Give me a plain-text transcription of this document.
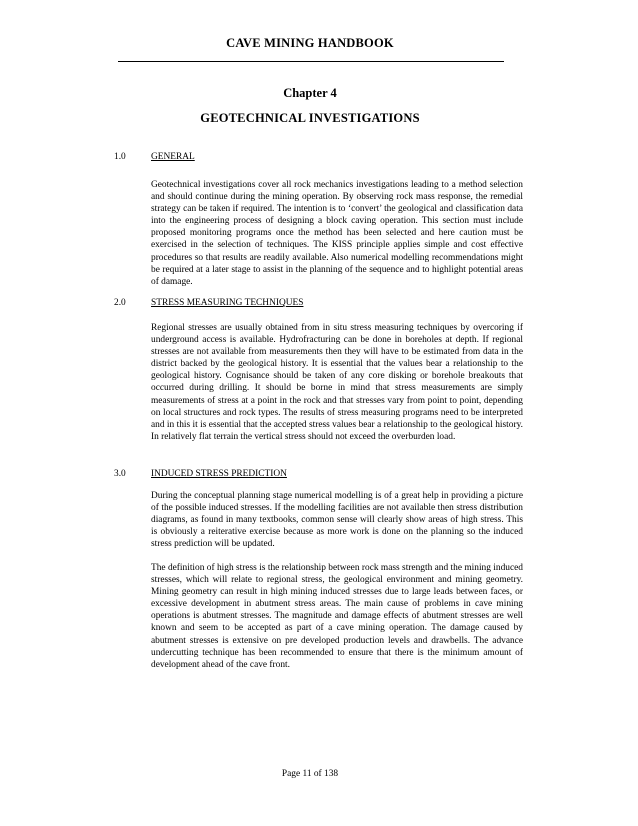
CAVE MINING HANDBOOK
Chapter 4
GEOTECHNICAL INVESTIGATIONS
1.0	GENERAL

Geotechnical investigations cover all rock mechanics investigations leading to a method selection and should continue during the mining operation. By observing rock mass response, the remedial strategy can be taken if required. The intention is to ‘convert’ the geological and classification data into the engineering process of designing a block caving operation. This section must include proposed monitoring programs once the method has been selected and here caution must be exercised in the selection of techniques. The KISS principle applies simple and cost effective procedures so that results are readily available. Also numerical modelling recommendations might be required at a later stage to assist in the planning of the sequence and to highlight potential areas of damage.

2.0	STRESS MEASURING TECHNIQUES

Regional stresses are usually obtained from in situ stress measuring techniques by overcoring if underground access is available. Hydrofracturing can be done in boreholes at depth. If regional stresses are not available from measurements then they will have to be estimated from data in the district backed by the geological history. It is essential that the values bear a relationship to the geological history. Cognisance should be taken of any core disking or borehole breakouts that occurred during drilling. It should be borne in mind that stress measurements are simply measurements of stress at a point in the rock and that stresses vary from point to point, depending on local structures and rock types. The results of stress measuring programs need to be interpreted and in this it is essential that the accepted stress values bear a relationship to the geological history. In relatively flat terrain the vertical stress should not exceed the overburden load.

3.0	INDUCED STRESS PREDICTION

During the conceptual planning stage numerical modelling is of a great help in providing a picture of the possible induced stresses. If the modelling facilities are not available then stress distribution diagrams, as found in many textbooks, common sense will clearly show areas of high stress. This is obviously a reiterative exercise because as more work is done on the planning so the induced stress prediction will be updated.

The definition of high stress is the relationship between rock mass strength and the mining induced stresses, which will relate to regional stress, the geological environment and mining geometry. Mining geometry can result in high mining induced stresses due to large leads between faces, or excessive development in abutment stress areas. The main cause of problems in cave mining operations is abutment stresses. The magnitude and damage effects of abutment stresses are well known and seem to be accepted as part of a cave mining operation. The damage caused by abutment stresses is extensive on pre developed production levels and drawbells. The advance undercutting technique has been recommended to ensure that there is the minimum amount of development ahead of the cave front.

Page 11 of 138
